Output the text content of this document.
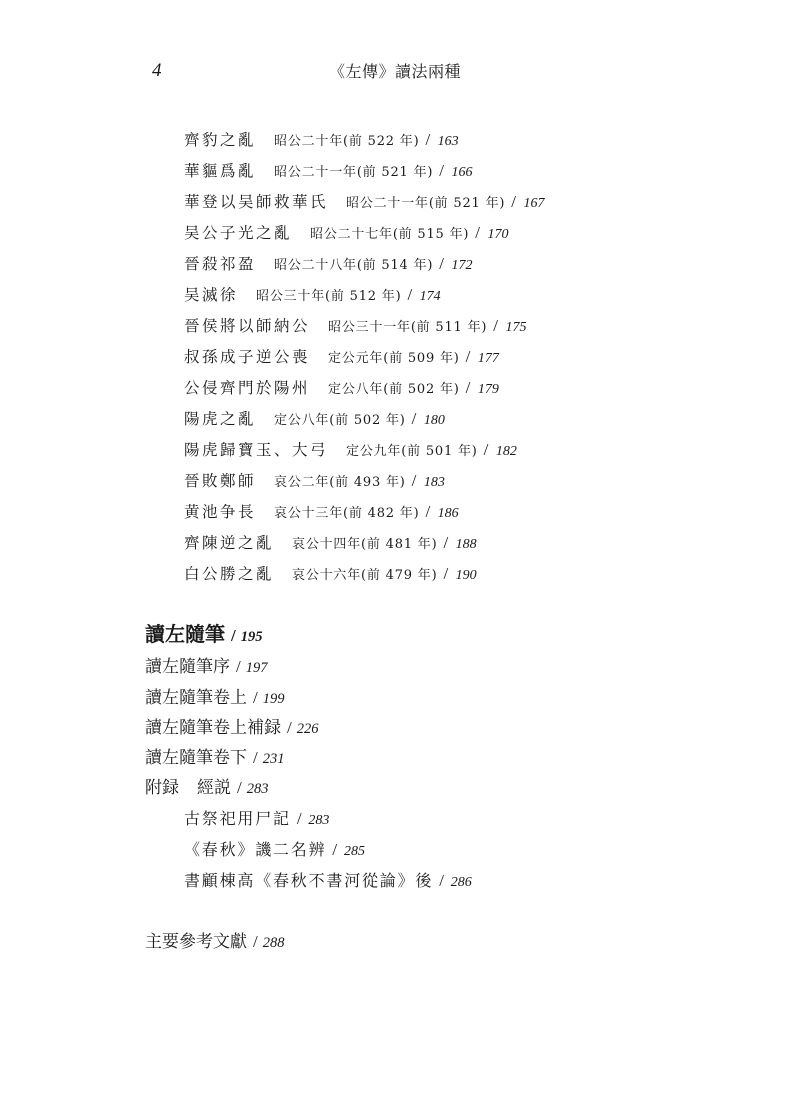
4	《左傳》讀法兩種
齊豹之亂 昭公二十年(前 522 年) / 163
華貙爲亂 昭公二十一年(前 521 年) / 166
華登以吴師救華氏 昭公二十一年(前 521 年) / 167
吴公子光之亂 昭公二十七年(前 515 年) / 170
晉殺祁盈 昭公二十八年(前 514 年) / 172
吴滅徐 昭公三十年(前 512 年) / 174
晉侯將以師納公 昭公三十一年(前 511 年) / 175
叔孫成子逆公喪 定公元年(前 509 年) / 177
公侵齊門於陽州 定公八年(前 502 年) / 179
陽虎之亂 定公八年(前 502 年) / 180
陽虎歸寶玉、大弓 定公九年(前 501 年) / 182
晉敗鄭師 哀公二年(前 493 年) / 183
黄池争長 哀公十三年(前 482 年) / 186
齊陳逆之亂 哀公十四年(前 481 年) / 188
白公勝之亂 哀公十六年(前 479 年) / 190
讀左隨筆 / 195
讀左隨筆序 / 197
讀左隨筆卷上 / 199
讀左隨筆卷上補録 / 226
讀左隨筆卷下 / 231
附録 經説 / 283
古祭祀用尸記 / 283
《春秋》譏二名辨 / 285
書顧棟高《春秋不書河從論》後 / 286
主要參考文獻 / 288
